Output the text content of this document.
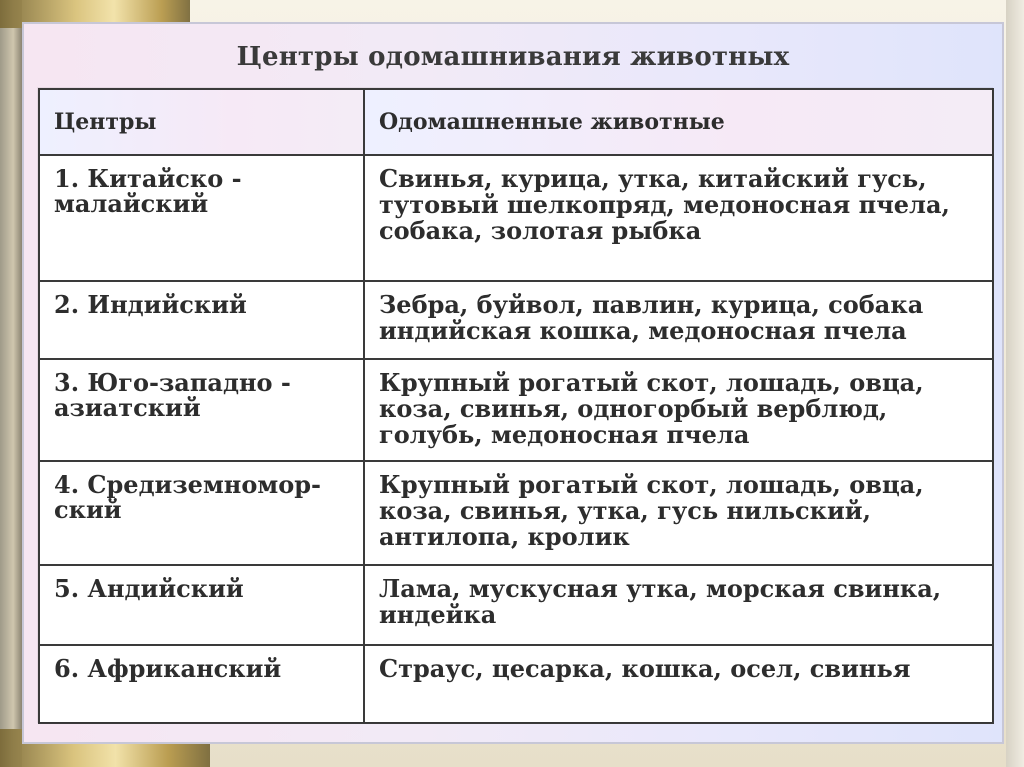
Центры одомашнивания животных
Центры	Одомашненные животные
1. Китайско - малайский	Свинья, курица, утка, китайский гусь, тутовый шелкопряд, медоносная пчела, собака, золотая рыбка
2. Индийский	Зебра, буйвол, павлин, курица, собака индийская кошка, медоносная пчела
3. Юго-западно - азиатский	Крупный рогатый скот, лошадь, овца, коза, свинья, одногорбый верблюд, голубь, медоносная пчела
4. Средиземномор- ский	Крупный рогатый скот, лошадь, овца, коза, свинья, утка, гусь нильский, антилопа, кролик
5. Андийский	Лама, мускусная утка, морская свинка, индейка
6. Африканский	Страус, цесарка, кошка, осел, свинья
